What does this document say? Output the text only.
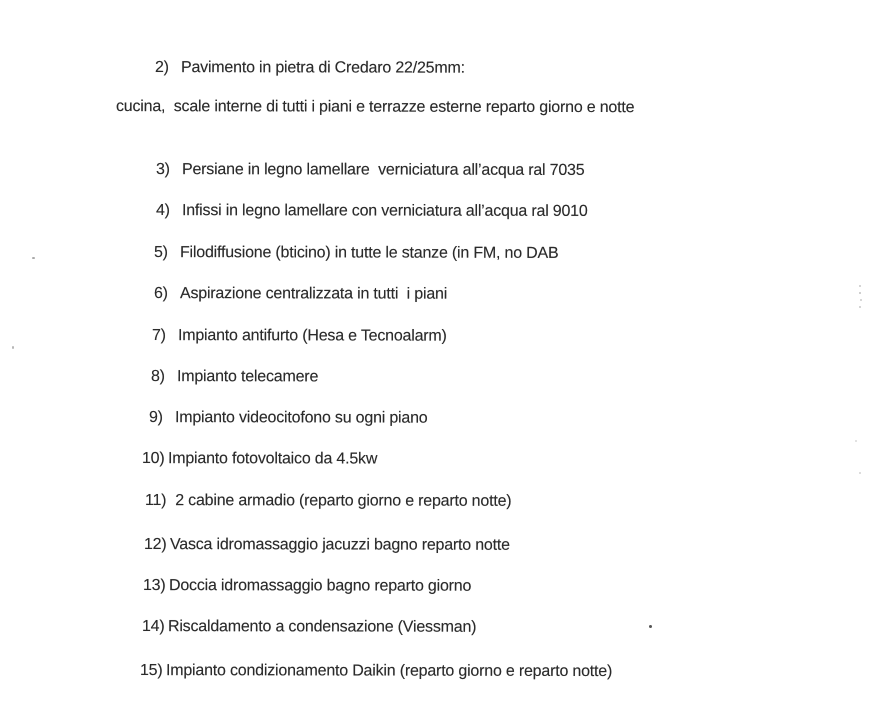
2) Pavimento in pietra di Credaro 22/25mm:

cucina,  scale interne di tutti i piani e terrazze esterne reparto giorno e notte

3) Persiane in legno lamellare  verniciatura all’acqua ral 7035

4) Infissi in legno lamellare con verniciatura all’acqua ral 9010

5) Filodiffusione (bticino) in tutte le stanze (in FM, no DAB

6) Aspirazione centralizzata in tutti  i piani

7) Impianto antifurto (Hesa e Tecnoalarm)

8) Impianto telecamere

9) Impianto videocitofono su ogni piano

10) Impianto fotovoltaico da 4.5kw

11) 2 cabine armadio (reparto giorno e reparto notte)

12) Vasca idromassaggio jacuzzi bagno reparto notte

13) Doccia idromassaggio bagno reparto giorno

14) Riscaldamento a condensazione (Viessman)

15) Impianto condizionamento Daikin (reparto giorno e reparto notte)
